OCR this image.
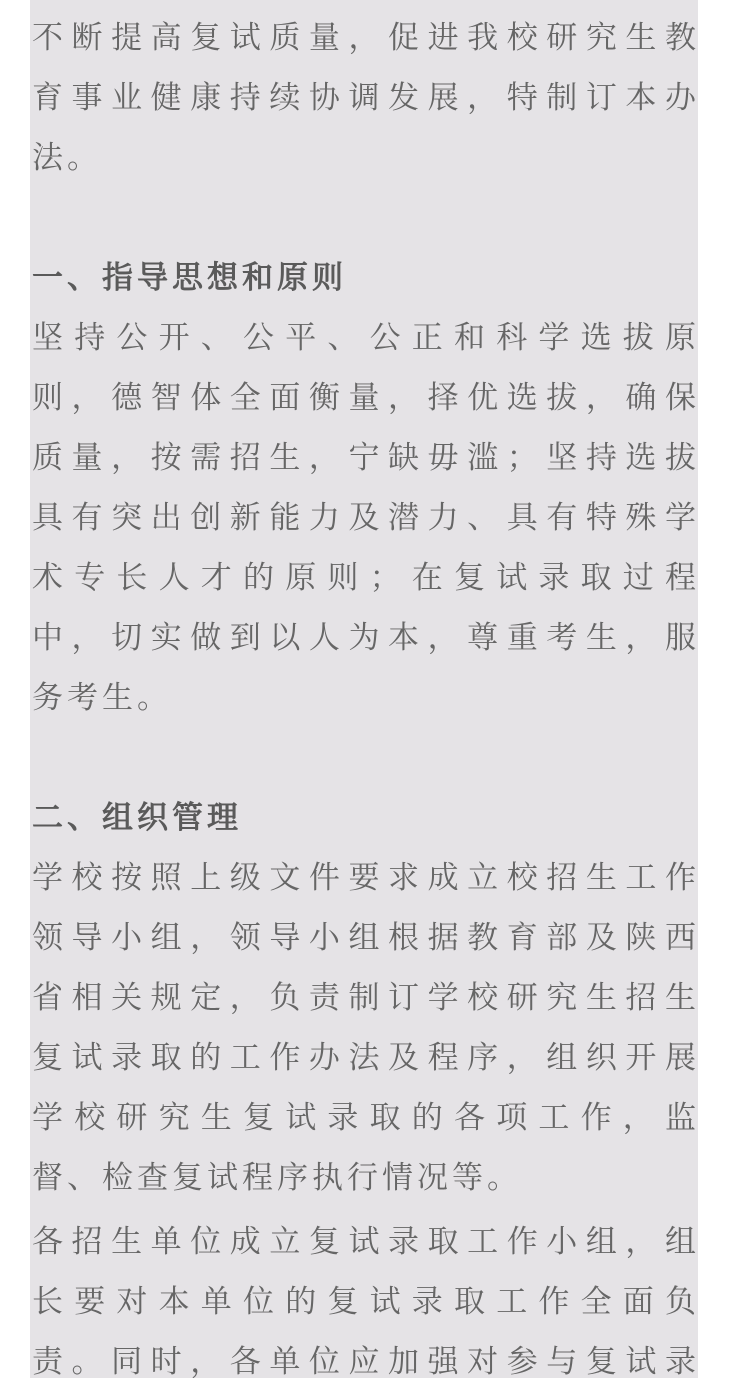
不断提高复试质量，促进我校研究生教
育事业健康持续协调发展，特制订本办
法。
一、指导思想和原则
坚持公开、公平、公正和科学选拔原
则，德智体全面衡量，择优选拔，确保
质量，按需招生，宁缺毋滥；坚持选拔
具有突出创新能力及潜力、具有特殊学
术专长人才的原则；在复试录取过程
中，切实做到以人为本，尊重考生，服
务考生。
二、组织管理
学校按照上级文件要求成立校招生工作
领导小组，领导小组根据教育部及陕西
省相关规定，负责制订学校研究生招生
复试录取的工作办法及程序，组织开展
学校研究生复试录取的各项工作，监
督、检查复试程序执行情况等。
各招生单位成立复试录取工作小组，组
长要对本单位的复试录取工作全面负
责。同时，各单位应加强对参与复试录
